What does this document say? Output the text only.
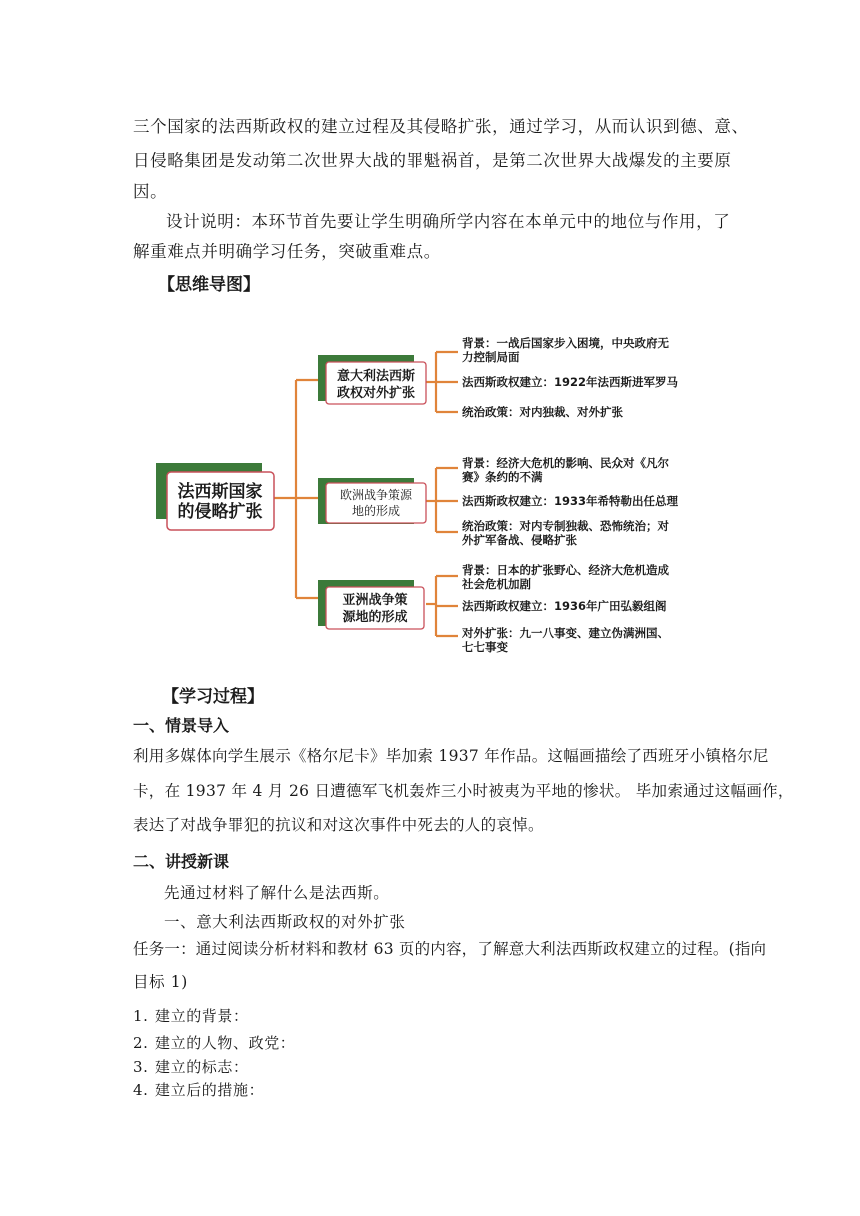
三个国家的法西斯政权的建立过程及其侵略扩张，通过学习，从而认识到德、意、
日侵略集团是发动第二次世界大战的罪魁祸首，是第二次世界大战爆发的主要原
因。
设计说明：本环节首先要让学生明确所学内容在本单元中的地位与作用，了
解重难点并明确学习任务，突破重难点。
【思维导图】
法西斯国家
的侵略扩张
意大利法西斯
政权对外扩张
背景：一战后国家步入困境，中央政府无
力控制局面
法西斯政权建立：1922年法西斯进军罗马
统治政策：对内独裁、对外扩张
欧洲战争策源
地的形成
背景：经济大危机的影响、民众对《凡尔
赛》条约的不满
法西斯政权建立：1933年希特勒出任总理
统治政策：对内专制独裁、恐怖统治；对
外扩军备战、侵略扩张
亚洲战争策
源地的形成
背景：日本的扩张野心、经济大危机造成
社会危机加剧
法西斯政权建立：1936年广田弘毅组阁
对外扩张：九一八事变、建立伪满洲国、
七七事变
【学习过程】
一、情景导入
利用多媒体向学生展示《格尔尼卡》毕加索 1937 年作品。这幅画描绘了西班牙小镇格尔尼
卡，在 1937 年 4 月 26 日遭德军飞机轰炸三小时被夷为平地的惨状。 毕加索通过这幅画作，
表达了对战争罪犯的抗议和对这次事件中死去的人的哀悼。
二、讲授新课
先通过材料了解什么是法西斯。
一、意大利法西斯政权的对外扩张
任务一：通过阅读分析材料和教材 63 页的内容，了解意大利法西斯政权建立的过程。(指向
目标 1)
1. 建立的背景：
2. 建立的人物、政党：
3. 建立的标志：
4. 建立后的措施：
